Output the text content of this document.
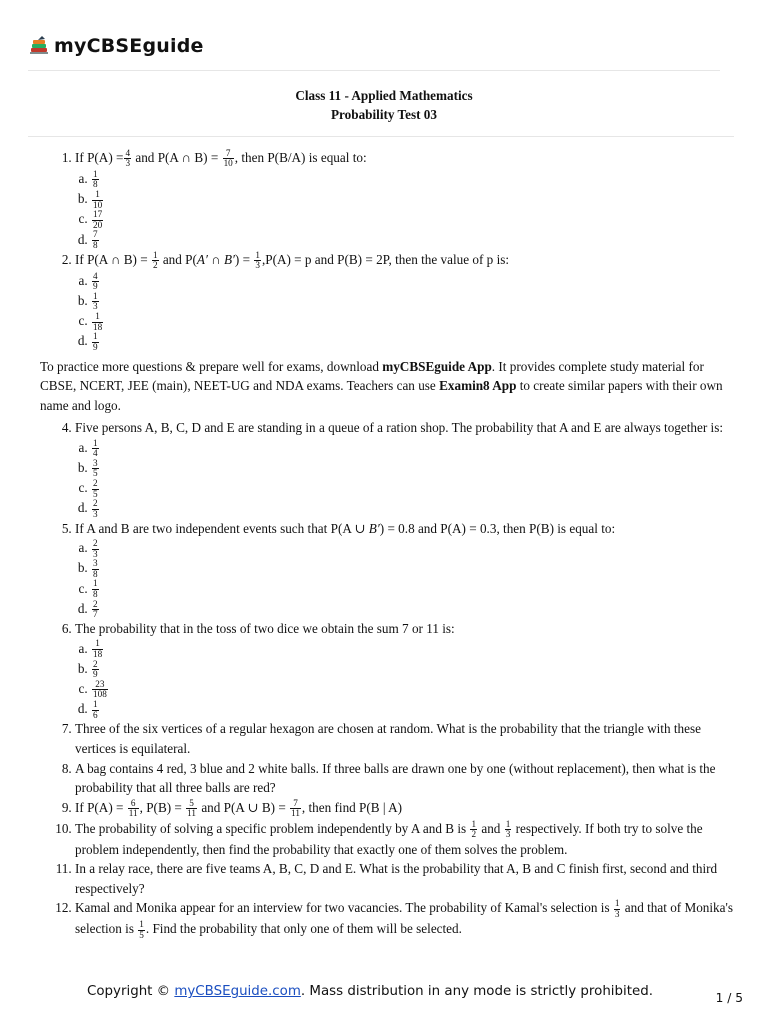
myCBSEguide
Class 11 - Applied Mathematics
Probability Test 03
1. If $P(A) = \frac{4}{3}$ and P(A ∩ $B) = \frac{7}{10}$ , then P(B/A) is equal to:
a. $\frac{1}{8}$
b. $\frac{1}{10}$
c. $\frac{17}{20}$
d. $\frac{7}{8}$
2. If P(A ∩ $B) = \frac{1}{2}$ and P(A′ ∩ $B') = \frac{1}{3} ,P(A) = p$ and P(B) = 2P, then the value of p is:
a. $\frac{4}{9}$
b. $\frac{1}{3}$
c. $\frac{1}{18}$
d. $\frac{1}{9}$
To practice more questions & prepare well for exams, download myCBSEguide App. It provides complete study material for CBSE, NCERT, JEE (main), NEET-UG and NDA exams. Teachers can use Examin8 App to create similar papers with their own name and logo.
4. Five persons A, B, C, D and E are standing in a queue of a ration shop. The probability that A and E are always together is:
a. $\frac{1}{4}$
b. $\frac{3}{5}$
c. $\frac{2}{5}$
d. $\frac{2}{3}$
5. If A and B are two independent events such that P(A ∪ B′) = 0.8 and P(A) = 0.3, then P(B) is equal to:
a. $\frac{2}{3}$
b. $\frac{3}{8}$
c. $\frac{1}{8}$
d. $\frac{2}{7}$
6. The probability that in the toss of two dice we obtain the sum 7 or 11 is:
a. $\frac{1}{18}$
b. $\frac{2}{9}$
c. $\frac{23}{108}$
d. $\frac{1}{6}$
7. Three of the six vertices of a regular hexagon are chosen at random. What is the probability that the triangle with these vertices is equilateral.
8. A bag contains 4 red, 3 blue and 2 white balls. If three balls are drawn one by one (without replacement), then what is the probability that all three balls are red?
9. If $P(A) = \frac{6}{11}$ , $P(B) = \frac{5}{11}$ and P(A ∪ $B) = \frac{7}{11}$ , then find P(B | A)
10. The probability of solving a specific problem independently by A and B is $\frac{1}{2}$ and $\frac{1}{3}$ respectively. If both try to solve the problem independently, then find the probability that exactly one of them solves the problem.
11. In a relay race, there are five teams A, B, C, D and E. What is the probability that A, B and C finish first, second and third respectively?
12. Kamal and Monika appear for an interview for two vacancies. The probability of Kamal's selection is $\frac{1}{3}$ and that of Monika's selection is $\frac{1}{5}$ . Find the probability that only one of them will be selected.
Copyright © myCBSEguide.com. Mass distribution in any mode is strictly prohibited.	1 / 5
